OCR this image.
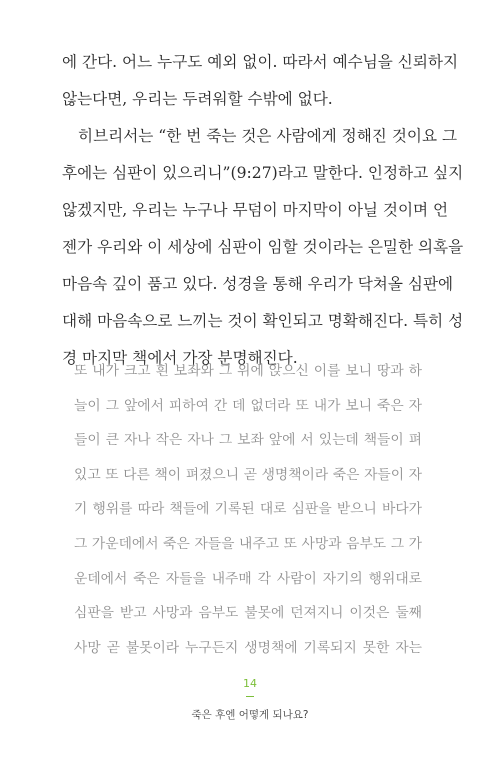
에 간다. 어느 누구도 예외 없이. 따라서 예수님을 신뢰하지
않는다면, 우리는 두려워할 수밖에 없다.
히브리서는 “한 번 죽는 것은 사람에게 정해진 것이요 그
후에는 심판이 있으리니”(9:27)라고 말한다. 인정하고 싶지
않겠지만, 우리는 누구나 무덤이 마지막이 아닐 것이며 언
젠가 우리와 이 세상에 심판이 임할 것이라는 은밀한 의혹을
마음속 깊이 품고 있다. 성경을 통해 우리가 닥쳐올 심판에
대해 마음속으로 느끼는 것이 확인되고 명확해진다. 특히 성
경 마지막 책에서 가장 분명해진다.
또 내가 크고 흰 보좌와 그 위에 앉으신 이를 보니 땅과 하
늘이 그 앞에서 피하여 간 데 없더라 또 내가 보니 죽은 자
들이 큰 자나 작은 자나 그 보좌 앞에 서 있는데 책들이 펴
있고 또 다른 책이 펴졌으니 곧 생명책이라 죽은 자들이 자
기 행위를 따라 책들에 기록된 대로 심판을 받으니 바다가
그 가운데에서 죽은 자들을 내주고 또 사망과 음부도 그 가
운데에서 죽은 자들을 내주매 각 사람이 자기의 행위대로
심판을 받고 사망과 음부도 불못에 던져지니 이것은 둘째
사망 곧 불못이라 누구든지 생명책에 기록되지 못한 자는
14
죽은 후엔 어떻게 되나요?
